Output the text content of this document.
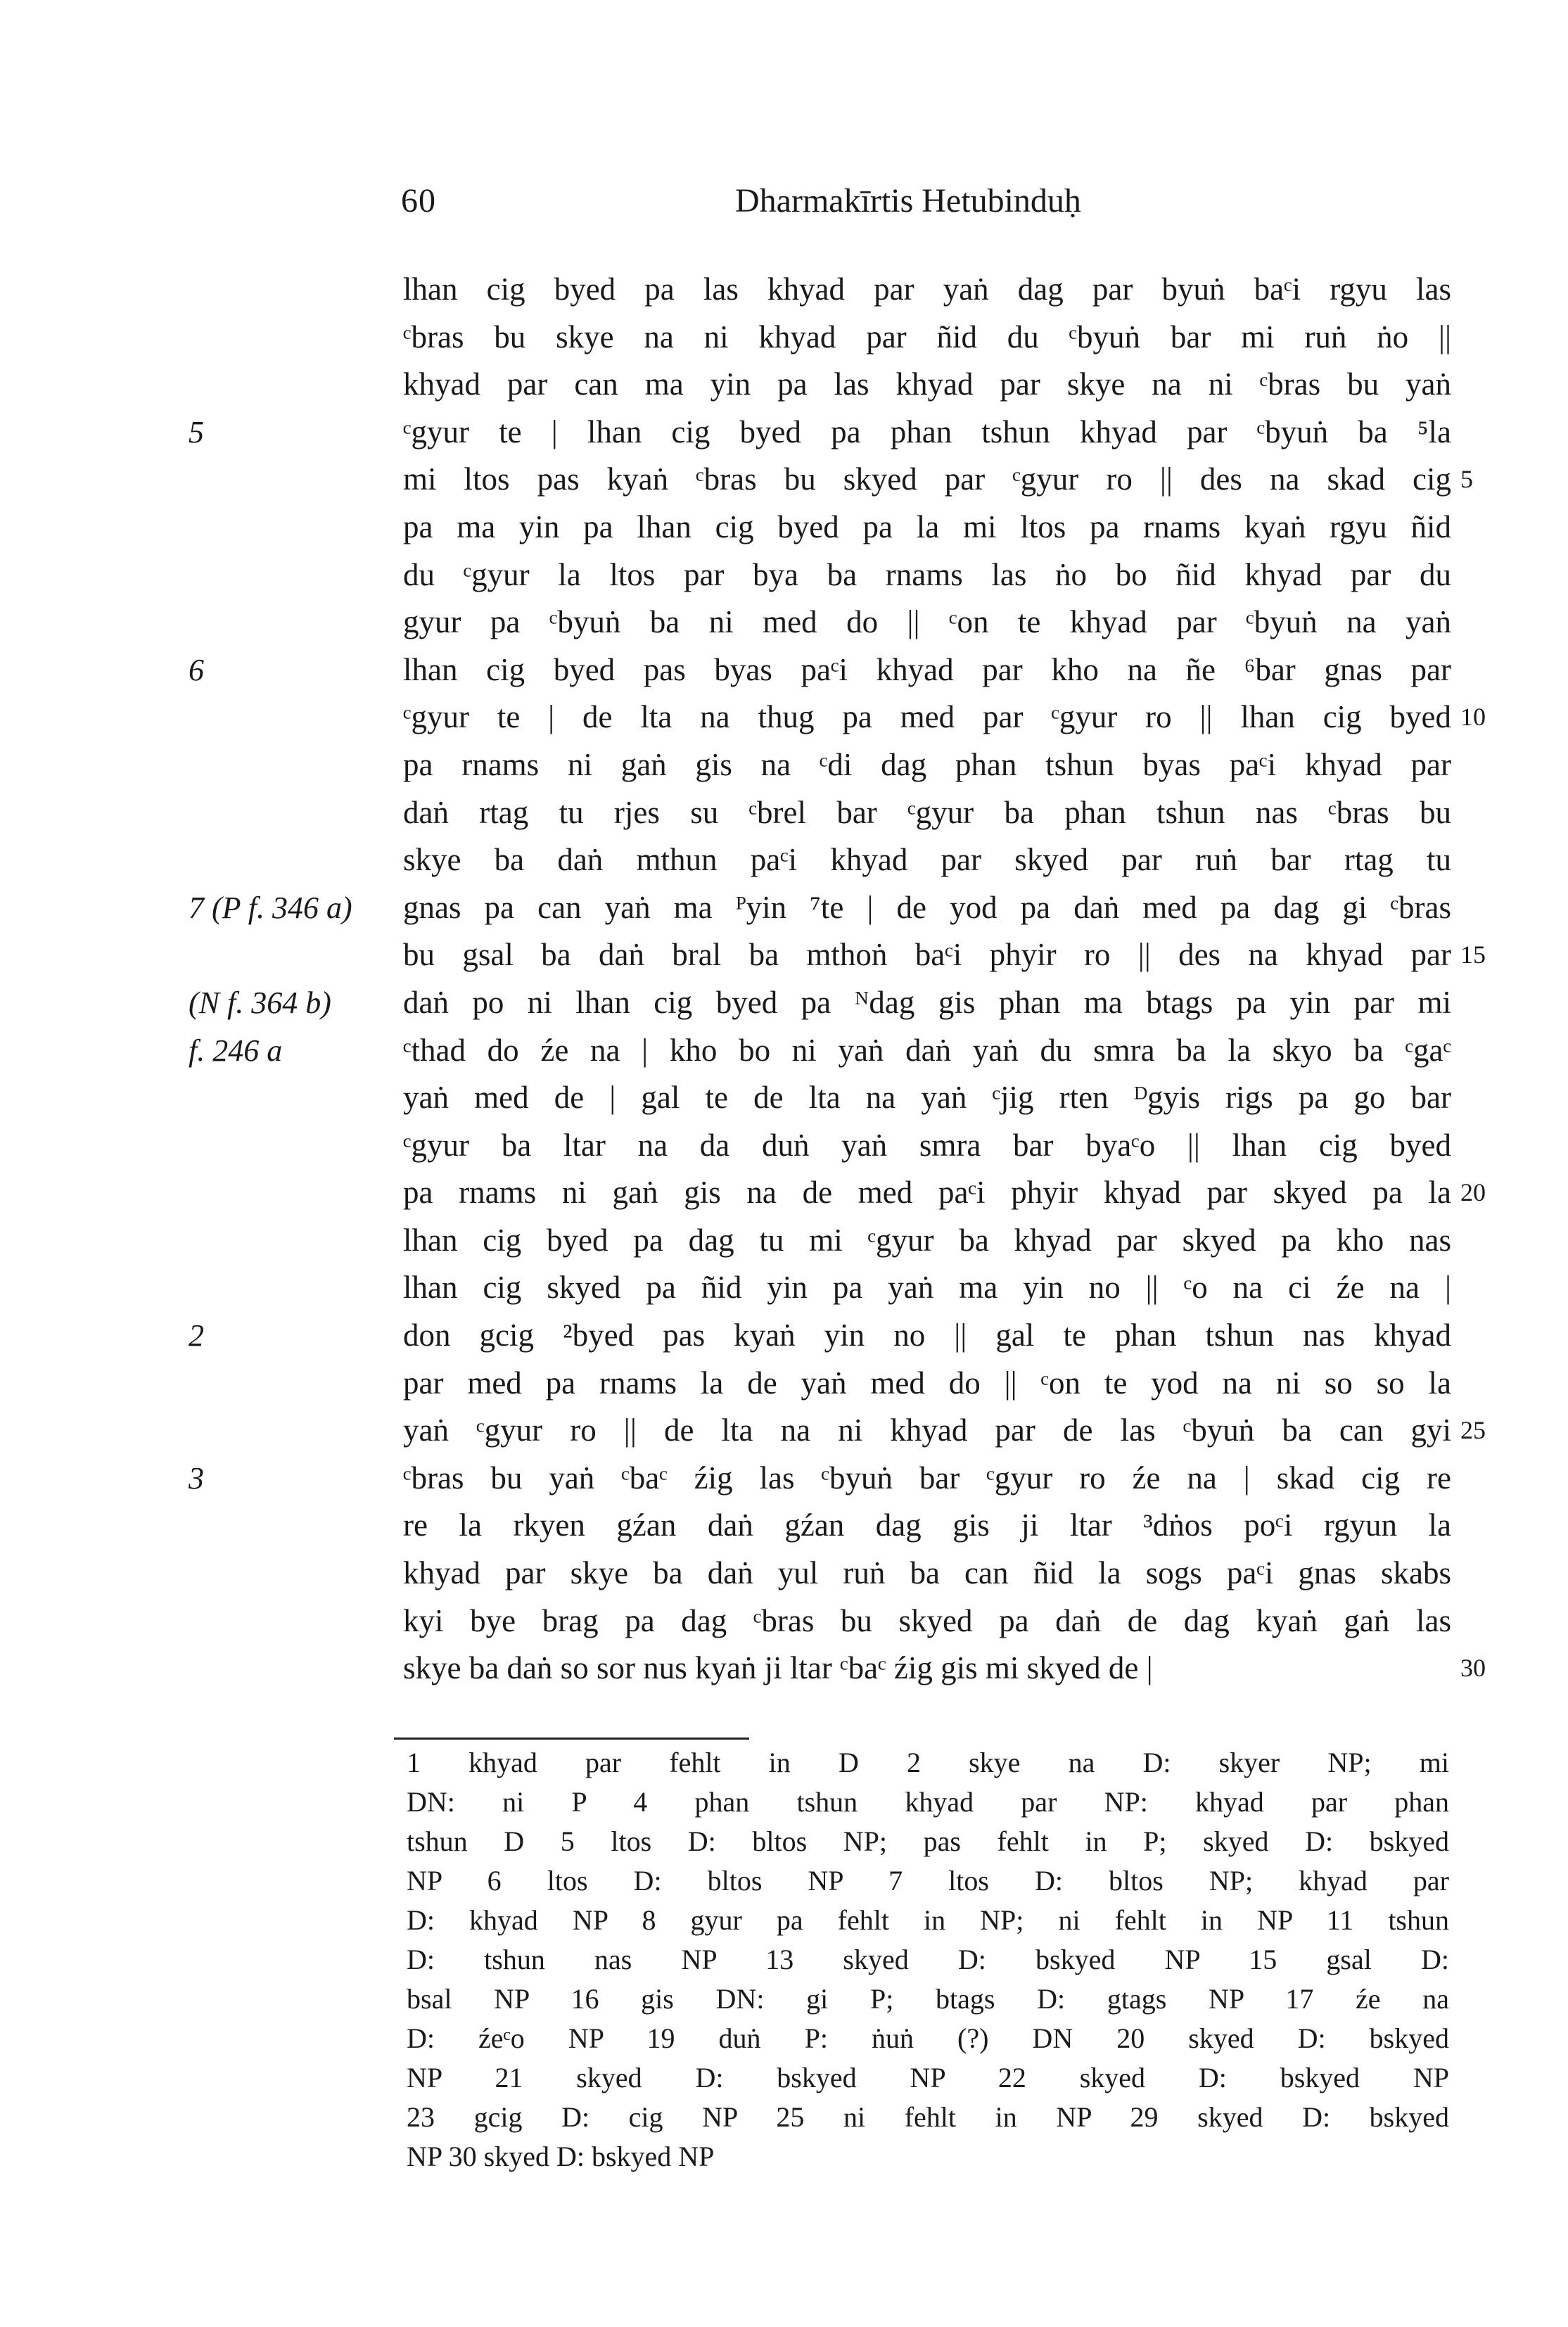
60	Dharmakīrtis Hetubinduḥ
5
6
7 (P f. 346 a)
(N f. 364 b)
f. 246 a
2
3
lhan cig byed pa las khyad par yaṅ dag par byuṅ baᶜi rgyu las
ᶜbras bu skye na ni khyad par ñid du ᶜbyuṅ bar mi ruṅ ṅo ||
khyad par can ma yin pa las khyad par skye na ni ᶜbras bu yaṅ
ᶜgyur te | lhan cig byed pa phan tshun khyad par ᶜbyuṅ ba ⁵la
mi ltos pas kyaṅ ᶜbras bu skyed par ᶜgyur ro || des na skad cig
pa ma yin pa lhan cig byed pa la mi ltos pa rnams kyaṅ rgyu ñid
du ᶜgyur la ltos par bya ba rnams las ṅo bo ñid khyad par du
gyur pa ᶜbyuṅ ba ni med do || ᶜon te khyad par ᶜbyuṅ na yaṅ
lhan cig byed pas byas paᶜi khyad par kho na ñe ⁶bar gnas par
ᶜgyur te | de lta na thug pa med par ᶜgyur ro || lhan cig byed
pa rnams ni gaṅ gis na ᶜdi dag phan tshun byas paᶜi khyad par
daṅ rtag tu rjes su ᶜbrel bar ᶜgyur ba phan tshun nas ᶜbras bu
skye ba daṅ mthun paᶜi khyad par skyed par ruṅ bar rtag tu
gnas pa can yaṅ ma ᴾyin ⁷te | de yod pa daṅ med pa dag gi ᶜbras
bu gsal ba daṅ bral ba mthoṅ baᶜi phyir ro || des na khyad par
daṅ po ni lhan cig byed pa ᴺdag gis phan ma btags pa yin par mi
ᶜthad do źe na | kho bo ni yaṅ daṅ yaṅ du smra ba la skyo ba ᶜgaᶜ
yaṅ med de | gal te de lta na yaṅ ᶜjig rten ᴰgyis rigs pa go bar
ᶜgyur ba ltar na da duṅ yaṅ smra bar byaᶜo || lhan cig byed
pa rnams ni gaṅ gis na de med paᶜi phyir khyad par skyed pa la
lhan cig byed pa dag tu mi ᶜgyur ba khyad par skyed pa kho nas
lhan cig skyed pa ñid yin pa yaṅ ma yin no || ᶜo na ci źe na |
don gcig ²byed pas kyaṅ yin no || gal te phan tshun nas khyad
par med pa rnams la de yaṅ med do || ᶜon te yod na ni so so la
yaṅ ᶜgyur ro || de lta na ni khyad par de las ᶜbyuṅ ba can gyi
ᶜbras bu yaṅ ᶜbaᶜ źig las ᶜbyuṅ bar ᶜgyur ro źe na | skad cig re
re la rkyen gźan daṅ gźan dag gis ji ltar ³dṅos poᶜi rgyun la
khyad par skye ba daṅ yul ruṅ ba can ñid la sogs paᶜi gnas skabs
kyi bye brag pa dag ᶜbras bu skyed pa daṅ de dag kyaṅ gaṅ las
skye ba daṅ so sor nus kyaṅ ji ltar ᶜbaᶜ źig gis mi skyed de |
5
10
15
20
25
30
1 khyad par fehlt in D 2 skye na D: skyer NP; mi
DN: ni P 4 phan tshun khyad par NP: khyad par phan
tshun D 5 ltos D: bltos NP; pas fehlt in P; skyed D: bskyed
NP 6 ltos D: bltos NP 7 ltos D: bltos NP; khyad par
D: khyad NP 8 gyur pa fehlt in NP; ni fehlt in NP 11 tshun
D: tshun nas NP 13 skyed D: bskyed NP 15 gsal D:
bsal NP 16 gis DN: gi P; btags D: gtags NP 17 źe na
D: źeᶜo NP 19 duṅ P: ṅuṅ (?) DN 20 skyed D: bskyed
NP 21 skyed D: bskyed NP 22 skyed D: bskyed NP
23 gcig D: cig NP 25 ni fehlt in NP 29 skyed D: bskyed
NP 30 skyed D: bskyed NP
